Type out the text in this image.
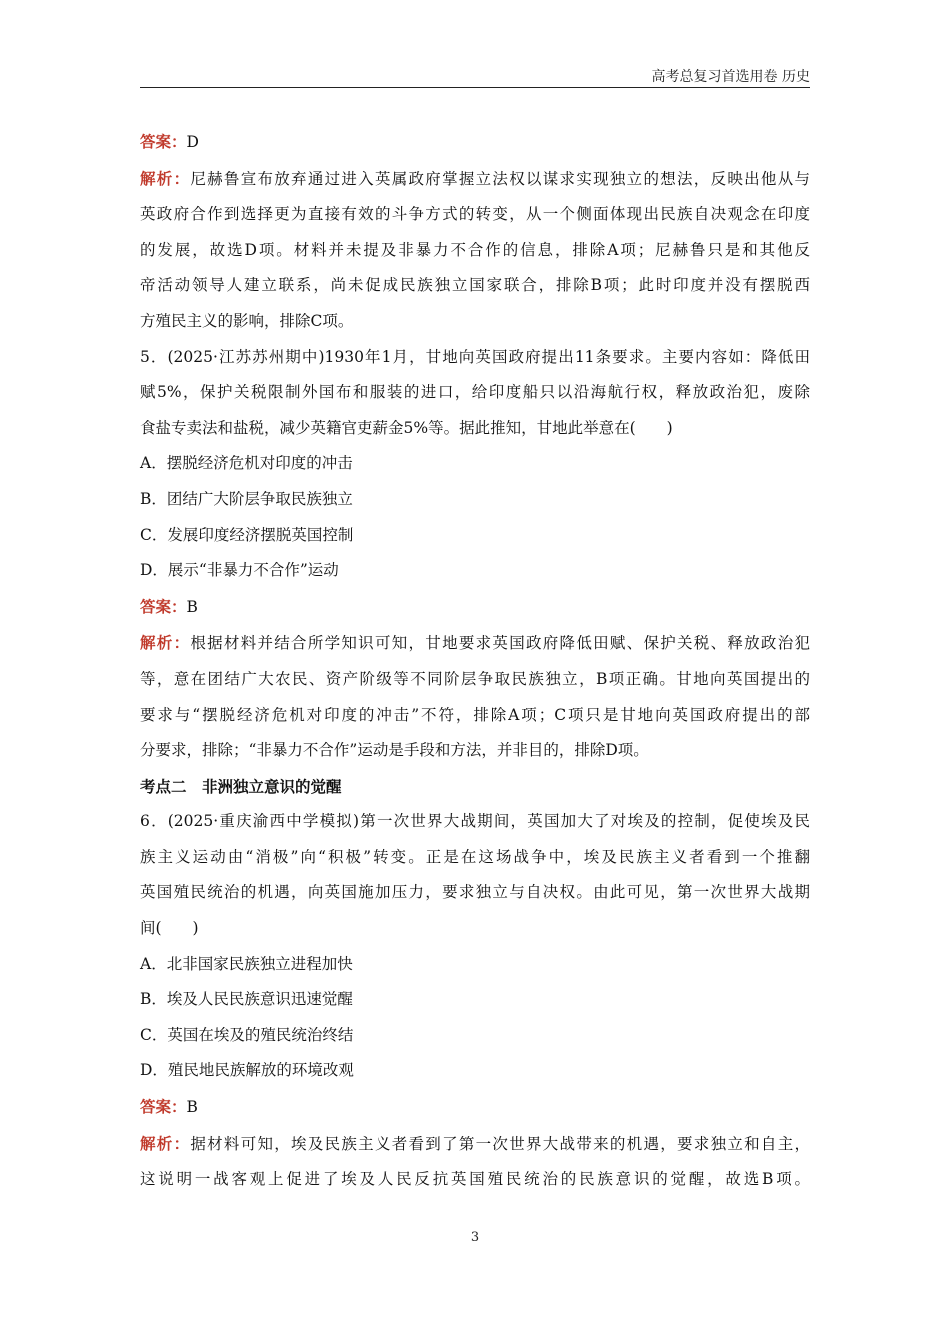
高考总复习首选用卷 历史
答案：D
解析：尼赫鲁宣布放弃通过进入英属政府掌握立法权以谋求实现独立的想法，反映出他从与
英政府合作到选择更为直接有效的斗争方式的转变，从一个侧面体现出民族自决观念在印度
的发展，故选D项。材料并未提及非暴力不合作的信息，排除A项；尼赫鲁只是和其他反
帝活动领导人建立联系，尚未促成民族独立国家联合，排除B项；此时印度并没有摆脱西
方殖民主义的影响，排除C项。
5．(2025·江苏苏州期中)1930年1月，甘地向英国政府提出11条要求。主要内容如：降低田
赋5%，保护关税限制外国布和服装的进口，给印度船只以沿海航行权，释放政治犯，废除
食盐专卖法和盐税，减少英籍官吏薪金5%等。据此推知，甘地此举意在(　　)
A．摆脱经济危机对印度的冲击
B．团结广大阶层争取民族独立
C．发展印度经济摆脱英国控制
D．展示“非暴力不合作”运动
答案：B
解析：根据材料并结合所学知识可知，甘地要求英国政府降低田赋、保护关税、释放政治犯
等，意在团结广大农民、资产阶级等不同阶层争取民族独立，B项正确。甘地向英国提出的
要求与“摆脱经济危机对印度的冲击”不符，排除A项；C项只是甘地向英国政府提出的部
分要求，排除；“非暴力不合作”运动是手段和方法，并非目的，排除D项。
考点二　非洲独立意识的觉醒
6．(2025·重庆渝西中学模拟)第一次世界大战期间，英国加大了对埃及的控制，促使埃及民
族主义运动由“消极”向“积极”转变。正是在这场战争中，埃及民族主义者看到一个推翻
英国殖民统治的机遇，向英国施加压力，要求独立与自决权。由此可见，第一次世界大战期
间(　　)
A．北非国家民族独立进程加快
B．埃及人民民族意识迅速觉醒
C．英国在埃及的殖民统治终结
D．殖民地民族解放的环境改观
答案：B
解析：据材料可知，埃及民族主义者看到了第一次世界大战带来的机遇，要求独立和自主，
这说明一战客观上促进了埃及人民反抗英国殖民统治的民族意识的觉醒，故选B项。
3
